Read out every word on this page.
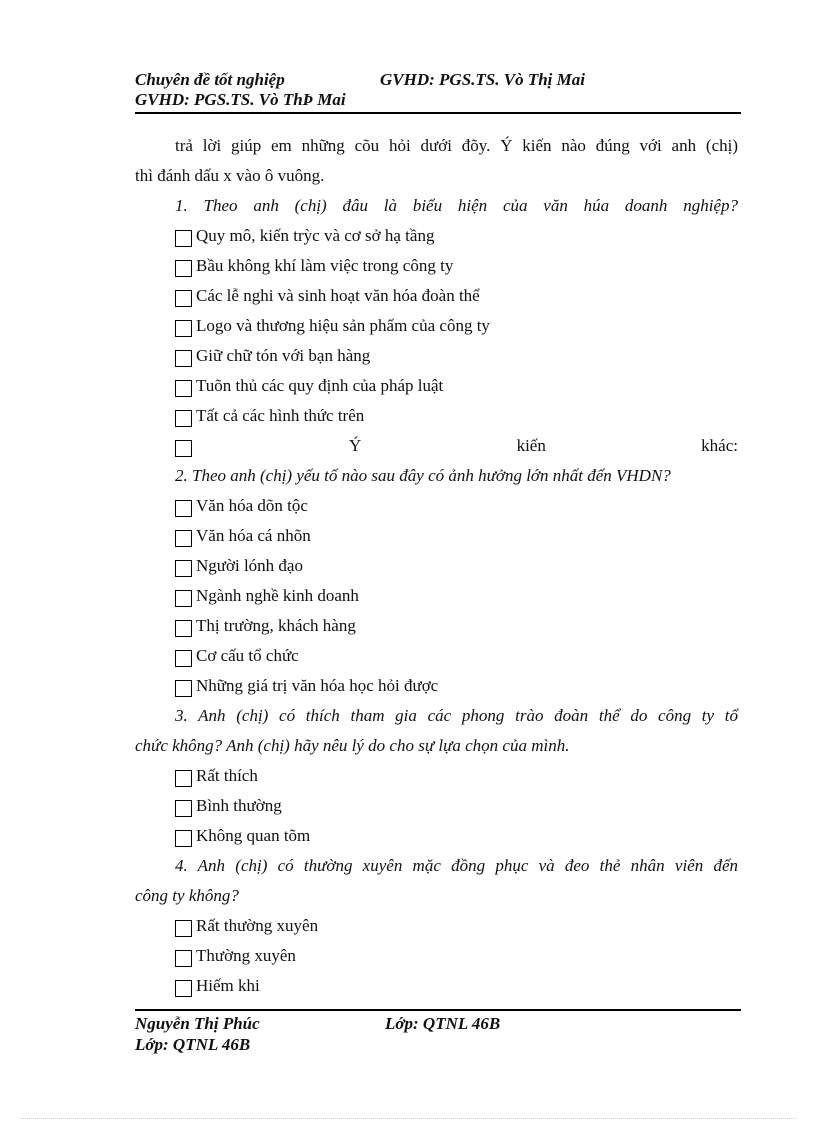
Chuyên đề tốt nghiệp	GVHD: PGS.TS. Vò Thị Mai
GVHD: PGS.TS. Vò ThÞ Mai
trả lời giúp em những cõu hỏi dưới đõy. Ý kiến nào đúng với anh (chị)
thì đánh dấu x vào ô vuông.
1. Theo anh (chị) đâu là biểu hiện của văn húa doanh nghiệp?
Quy mô, kiến trỳc và cơ sở hạ tầng
Bầu không khí làm việc trong công ty
Các lễ nghi và sinh hoạt văn hóa đoàn thể
Logo và thương hiệu sản phẩm của công ty
Giữ chữ tón với bạn hàng
Tuõn thủ các quy định của pháp luật
Tất cả các hình thức trên
Ý	kiến	khác:
2. Theo anh (chị) yếu tố nào sau đây có ảnh hưởng lớn nhất đến VHDN?
Văn hóa dõn tộc
Văn hóa cá nhõn
Người lónh đạo
Ngành nghề kinh doanh
Thị trường, khách hàng
Cơ cấu tổ chức
Những giá trị văn hóa học hỏi được
3. Anh (chị) có thích tham gia các phong trào đoàn thể do công ty tổ
chức không? Anh (chị) hãy nêu lý do cho sự lựa chọn của mình.
Rất thích
Bình thường
Không quan tõm
4. Anh (chị) có thường xuyên mặc đồng phục và đeo thẻ nhân viên đến
công ty không?
Rất thường xuyên
Thường xuyên
Hiếm khi
Nguyễn Thị Phúc	Lớp: QTNL 46B
Lớp: QTNL 46B
